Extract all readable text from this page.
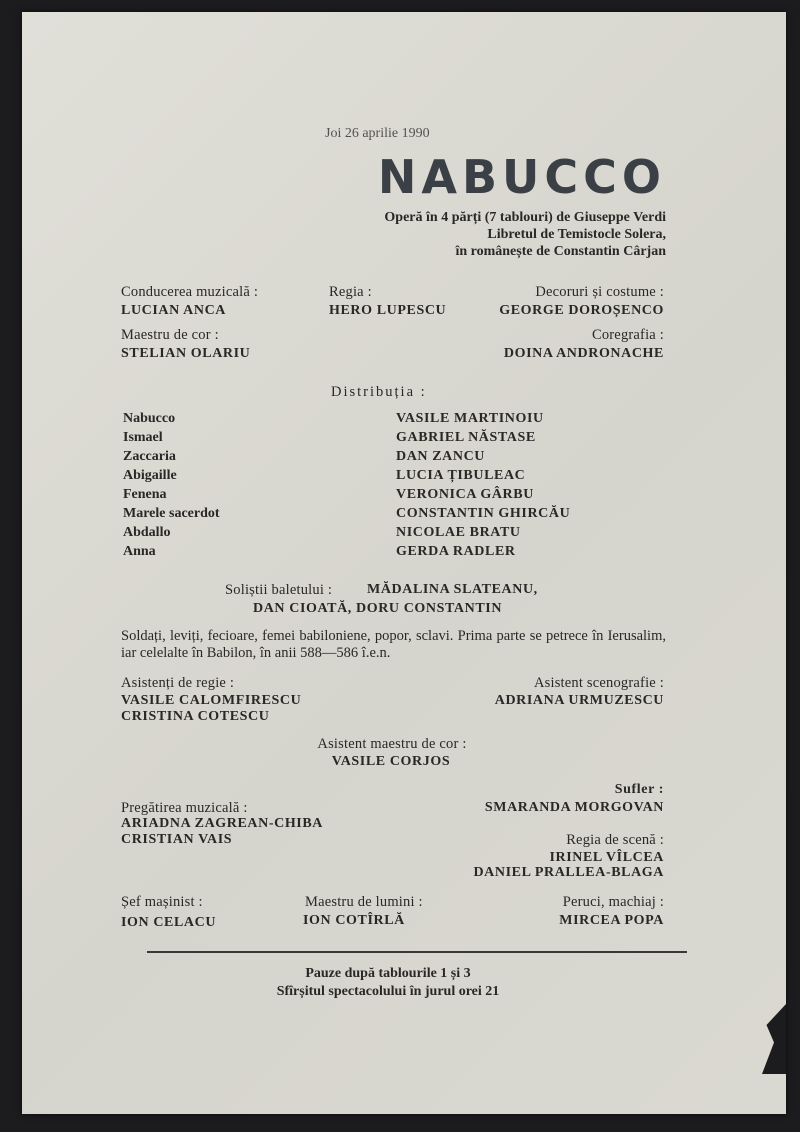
Joi 26 aprilie 1990
NABUCCO
Operă în 4 părți (7 tablouri) de Giuseppe Verdi
Libretul de Temistocle Solera,
în românește de Constantin Cârjan
Conducerea muzicală :
LUCIAN ANCA
Regia :
HERO LUPESCU
Decoruri și costume :
GEORGE DOROȘENCO
Maestru de cor :
STELIAN OLARIU
Coregrafia :
DOINA ANDRONACHE
Distribuția :
Nabucco	VASILE MARTINOIU
Ismael	GABRIEL NĂSTASE
Zaccaria	DAN ZANCU
Abigaille	LUCIA ȚIBULEAC
Fenena	VERONICA GÂRBU
Marele sacerdot	CONSTANTIN GHIRCĂU
Abdallo	NICOLAE BRATU
Anna	GERDA RADLER
Soliștii baletului : MĂDALINA SLATEANU,
DAN CIOATĂ, DORU CONSTANTIN
Soldați, leviți, fecioare, femei babiloniene, popor, sclavi. Prima parte se petrece în Ierusalim, iar celelalte în Babilon, în anii 588—586 î.e.n.
Asistenți de regie :
VASILE CALOMFIRESCU
CRISTINA COTESCU
Asistent scenografie :
ADRIANA URMUZESCU
Asistent maestru de cor :
VASILE CORJOS
Sufler :
SMARANDA MORGOVAN
Pregătirea muzicală :
ARIADNA ZAGREAN-CHIBA
CRISTIAN VAIS	Regia de scenă :
IRINEL VÎLCEA
DANIEL PRALLEA-BLAGA
Șef mașinist :
ION CELACU
Maestru de lumini :
ION COTÎRLĂ
Peruci, machiaj :
MIRCEA POPA
Pauze după tablourile 1 și 3
Sfîrșitul spectacolului în jurul orei 21
